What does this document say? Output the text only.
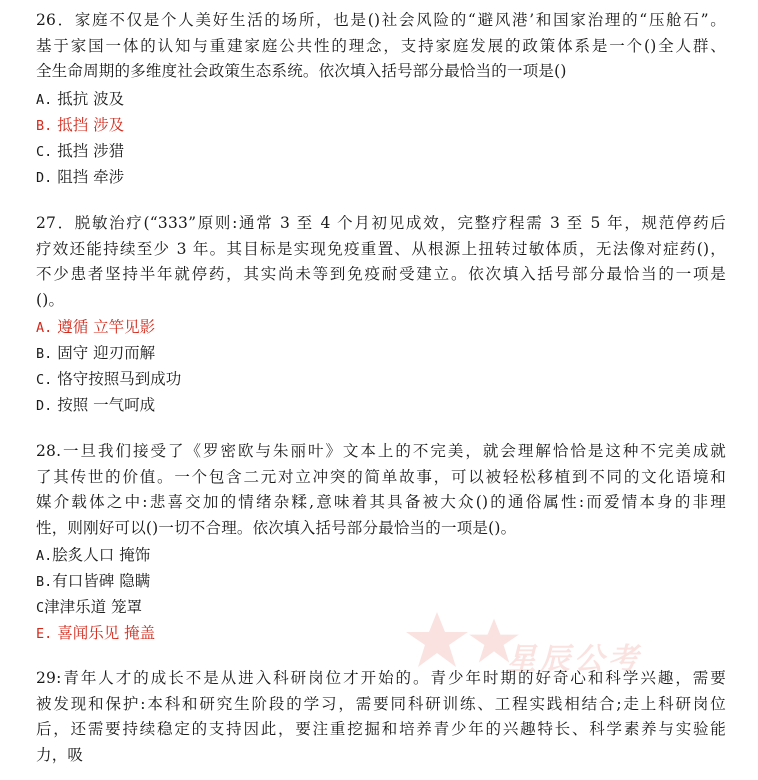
星辰公考
26．家庭不仅是个人美好生活的场所，也是()社会风险的“避风港’和国家治理的“压舱石”。
基于家国一体的认知与重建家庭公共性的理念，支持家庭发展的政策体系是一个()全人群、
全生命周期的多维度社会政策生态系统。依次填入括号部分最恰当的一项是()
A. 抵抗 波及
B. 抵挡 涉及
C. 抵挡 涉猎
D. 阻挡 牵涉
27．脱敏治疗(“333”原则:通常 3 至 4 个月初见成效，完整疗程需 3 至 5 年，规范停药后
疗效还能持续至少 3 年。其目标是实现免疫重置、从根源上扭转过敏体质，无法像对症药()，
不少患者坚持半年就停药，其实尚未等到免疫耐受建立。依次填入括号部分最恰当的一项是
()。
A. 遵循 立竿见影
B. 固守 迎刃而解
C. 恪守按照马到成功
D. 按照 一气呵成
28.一旦我们接受了《罗密欧与朱丽叶》文本上的不完美，就会理解恰恰是这种不完美成就
了其传世的价值。一个包含二元对立冲突的简单故事，可以被轻松移植到不同的文化语境和
媒介载体之中:悲喜交加的情绪杂糅,意味着其具备被大众()的通俗属性:而爱情本身的非理
性，则刚好可以()一切不合理。依次填入括号部分最恰当的一项是()。
A.脍炙人口 掩饰
B.有口皆碑 隐瞒
C津津乐道 笼罩
E. 喜闻乐见 掩盖
29:青年人才的成长不是从进入科研岗位才开始的。青少年时期的好奇心和科学兴趣，需要
被发现和保护:本科和研究生阶段的学习，需要同科研训练、工程实践相结合;走上科研岗位
后，还需要持续稳定的支持因此，要注重挖掘和培养青少年的兴趣特长、科学素养与实验能
力，吸
